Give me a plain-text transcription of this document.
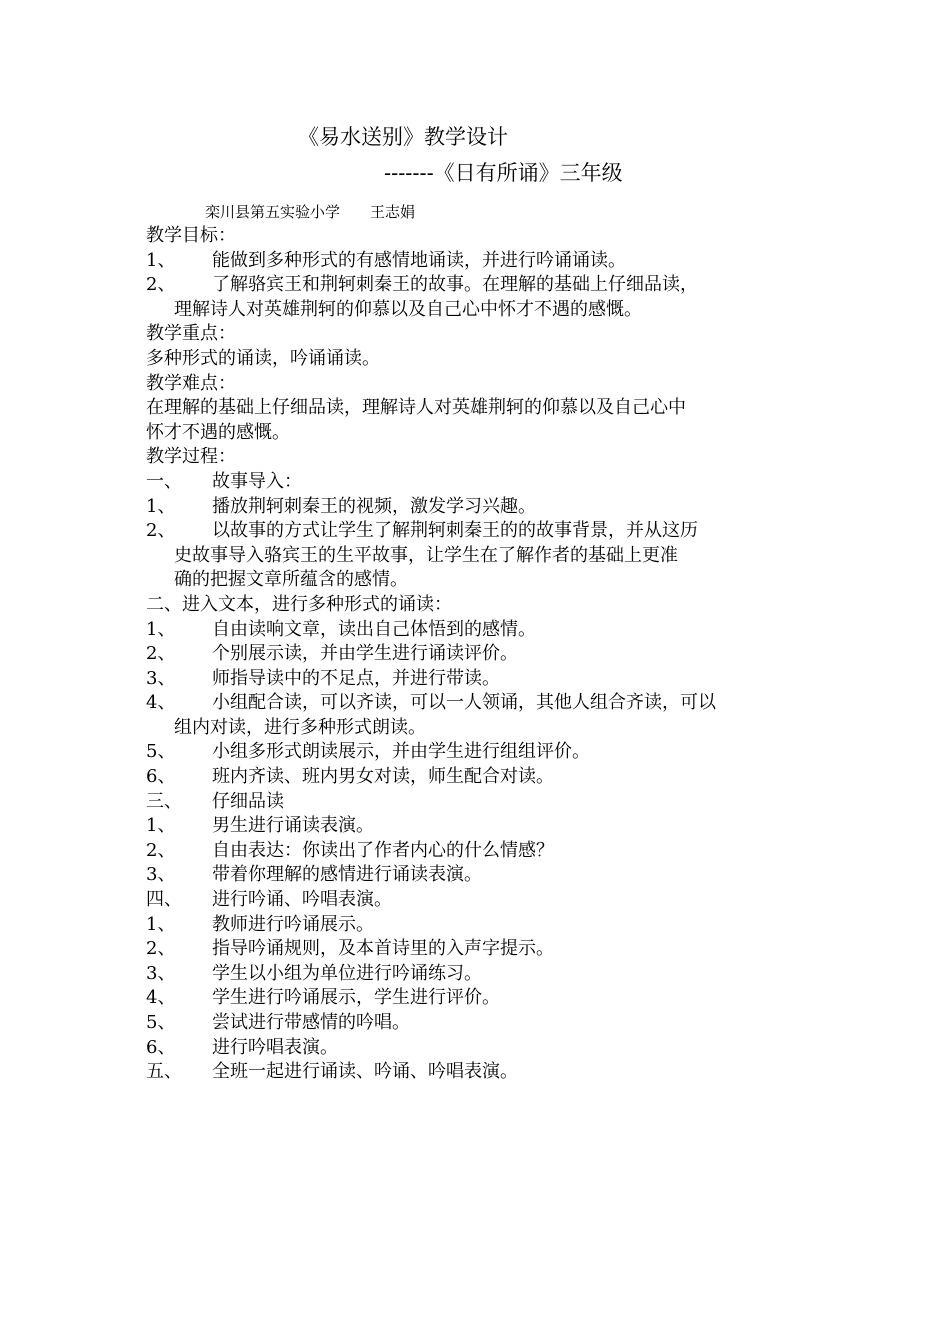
《易水送别》教学设计
-------《日有所诵》三年级
栾川县第五实验小学 王志娟
教学目标：
1、 能做到多种形式的有感情地诵读，并进行吟诵诵读。
2、 了解骆宾王和荆轲刺秦王的故事。在理解的基础上仔细品读，
理解诗人对英雄荆轲的仰慕以及自己心中怀才不遇的感慨。
教学重点：
多种形式的诵读，吟诵诵读。
教学难点：
在理解的基础上仔细品读，理解诗人对英雄荆轲的仰慕以及自己心中
怀才不遇的感慨。
教学过程：
一、 故事导入：
1、 播放荆轲刺秦王的视频，激发学习兴趣。
2、 以故事的方式让学生了解荆轲刺秦王的的故事背景，并从这历
史故事导入骆宾王的生平故事，让学生在了解作者的基础上更准
确的把握文章所蕴含的感情。
二、进入文本，进行多种形式的诵读：
1、 自由读响文章，读出自己体悟到的感情。
2、 个别展示读，并由学生进行诵读评价。
3、 师指导读中的不足点，并进行带读。
4、 小组配合读，可以齐读，可以一人领诵，其他人组合齐读，可以
组内对读，进行多种形式朗读。
5、 小组多形式朗读展示，并由学生进行组组评价。
6、 班内齐读、班内男女对读，师生配合对读。
三、 仔细品读
1、 男生进行诵读表演。
2、 自由表达：你读出了作者内心的什么情感？
3、 带着你理解的感情进行诵读表演。
四、 进行吟诵、吟唱表演。
1、 教师进行吟诵展示。
2、 指导吟诵规则，及本首诗里的入声字提示。
3、 学生以小组为单位进行吟诵练习。
4、 学生进行吟诵展示，学生进行评价。
5、 尝试进行带感情的吟唱。
6、 进行吟唱表演。
五、 全班一起进行诵读、吟诵、吟唱表演。
